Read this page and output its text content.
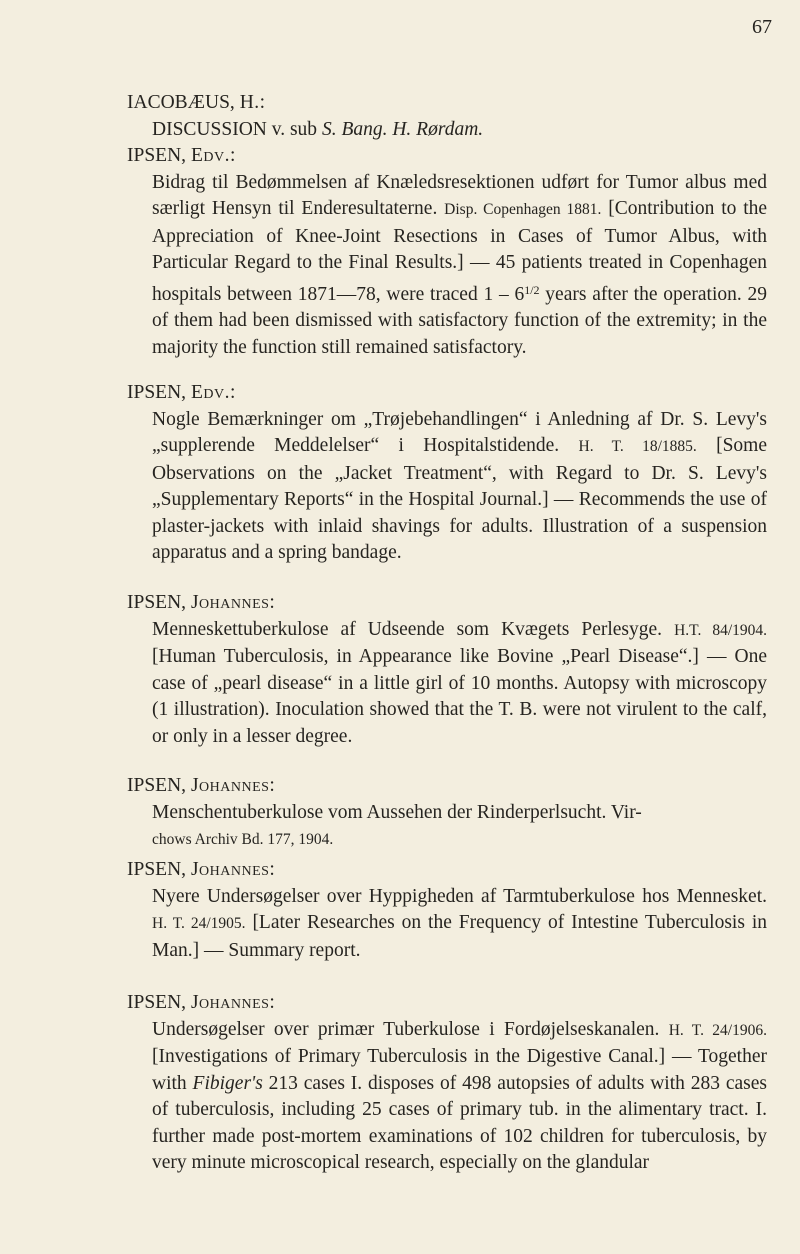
67

IACOBÆUS, H.:

DISCUSSION v. sub S. Bang. H. Rørdam.

IPSEN, Edv.:

Bidrag til Bedømmelsen af Knæledsresektionen udført for Tumor albus med særligt Hensyn til Enderesultaterne. Disp. Copenhagen 1881. [Contribution to the Appreciation of Knee-Joint Resections in Cases of Tumor Albus, with Particular Regard to the Final Results.] — 45 patients treated in Copenhagen hospitals between 1871—78, were traced $1 - 6^{1/2}$ years after the operation. 29 of them had been dismissed with satisfactory function of the extremity; in the majority the function still remained satisfactory.

IPSEN, Edv.:

Nogle Bemærkninger om „Trøjebehandlingen“ i Anledning af Dr. S. Levy's „supplerende Meddelelser“ i Hospitalstidende. H. T. 18/1885. [Some Observations on the „Jacket Treatment“, with Regard to Dr. S. Levy's „Supplementary Reports“ in the Hospital Journal.] — Recommends the use of plaster-jackets with inlaid shavings for adults. Illustration of a suspension apparatus and a spring bandage.

IPSEN, Johannes:

Menneskettuberkulose af Udseende som Kvægets Perlesyge. H.T. 84/1904. [Human Tuberculosis, in Appearance like Bovine „Pearl Disease“.] — One case of „pearl disease“ in a little girl of 10 months. Autopsy with microscopy (1 illustration). Inoculation showed that the T. B. were not virulent to the calf, or only in a lesser degree.

IPSEN, Johannes:

Menschentuberkulose vom Aussehen der Rinderperlsucht. Vir-
chows Archiv Bd. 177, 1904.

IPSEN, Johannes:

Nyere Undersøgelser over Hyppigheden af Tarmtuberkulose hos Mennesket. H. T. 24/1905. [Later Researches on the Frequency of Intestine Tuberculosis in Man.] — Summary report.

IPSEN, Johannes:

Undersøgelser over primær Tuberkulose i Fordøjelseskanalen. H. T. 24/1906. [Investigations of Primary Tuberculosis in the Digestive Canal.] — Together with Fibiger's 213 cases I. disposes of 498 autopsies of adults with 283 cases of tuberculosis, including 25 cases of primary tub. in the alimentary tract. I. further made post-mortem examinations of 102 children for tuberculosis, by very minute microscopical research, especially on the glandular
